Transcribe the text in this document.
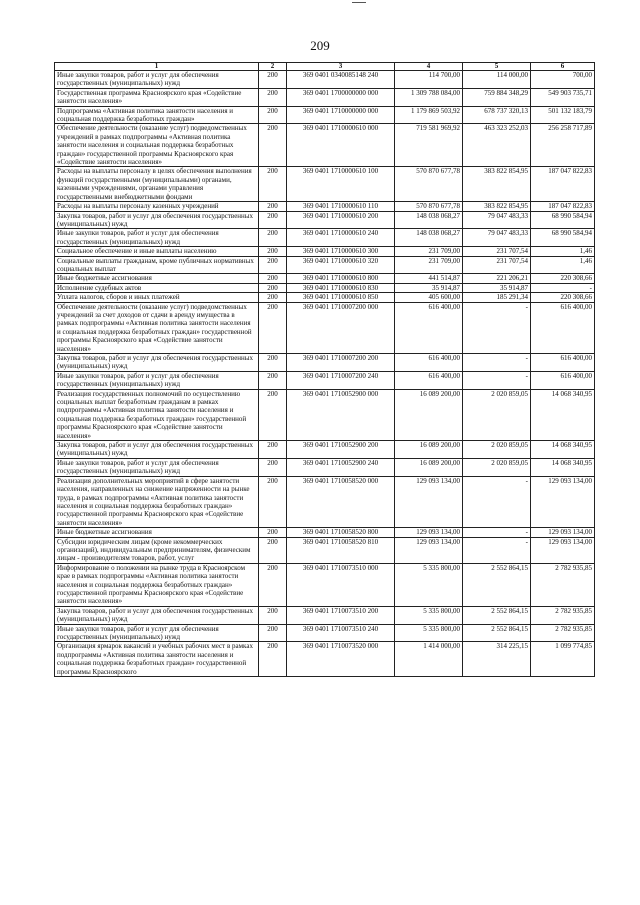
209
1	2	3	4	5	6
Иные закупки товаров, работ и услуг для обеспечения государственных (муниципальных) нужд	200	369 0401 0340085148 240	114 700,00	114 000,00	700,00
Государственная программа Красноярского края «Содействие занятости населения»	200	369 0401 1700000000 000	1 309 788 084,00	759 884 348,29	549 903 735,71
Подпрограмма «Активная политика занятости населения и социальная поддержка безработных граждан»	200	369 0401 1710000000 000	1 179 869 503,92	678 737 320,13	501 132 183,79
Обеспечение деятельности (оказание услуг) подведомственных учреждений в рамках подпрограммы «Активная политика занятости населения и социальная поддержка безработных граждан» государственной программы Красноярского края «Содействие занятости населения»	200	369 0401 1710000610 000	719 581 969,92	463 323 252,03	256 258 717,89
Расходы на выплаты персоналу в целях обеспечения выполнения функций государственными (муниципальными) органами, казенными учреждениями, органами управления государственными внебюджетными фондами	200	369 0401 1710000610 100	570 870 677,78	383 822 854,95	187 047 822,83
Расходы на выплаты персоналу казенных учреждений	200	369 0401 1710000610 110	570 870 677,78	383 822 854,95	187 047 822,83
Закупка товаров, работ и услуг для обеспечения государственных (муниципальных) нужд	200	369 0401 1710000610 200	148 038 068,27	79 047 483,33	68 990 584,94
Иные закупки товаров, работ и услуг для обеспечения государственных (муниципальных) нужд	200	369 0401 1710000610 240	148 038 068,27	79 047 483,33	68 990 584,94
Социальное обеспечение и иные выплаты населению	200	369 0401 1710000610 300	231 709,00	231 707,54	1,46
Социальные выплаты гражданам, кроме публичных нормативных социальных выплат	200	369 0401 1710000610 320	231 709,00	231 707,54	1,46
Иные бюджетные ассигнования	200	369 0401 1710000610 800	441 514,87	221 206,21	220 308,66
Исполнение судебных актов	200	369 0401 1710000610 830	35 914,87	35 914,87	-
Уплата налогов, сборов и иных платежей	200	369 0401 1710000610 850	405 600,00	185 291,34	220 308,66
Обеспечение деятельности (оказание услуг) подведомственных учреждений за счет доходов от сдачи в аренду имущества в рамках подпрограммы «Активная политика занятости населения и социальная поддержка безработных граждан» государственной программы Красноярского края «Содействие занятости населения»	200	369 0401 1710007200 000	616 400,00	-	616 400,00
Закупка товаров, работ и услуг для обеспечения государственных (муниципальных) нужд	200	369 0401 1710007200 200	616 400,00	-	616 400,00
Иные закупки товаров, работ и услуг для обеспечения государственных (муниципальных) нужд	200	369 0401 1710007200 240	616 400,00	-	616 400,00
Реализация государственных полномочий по осуществлению социальных выплат безработным гражданам в рамках подпрограммы «Активная политика занятости населения и социальная поддержка безработных граждан» государственной программы Красноярского края «Содействие занятости населения»	200	369 0401 1710052900 000	16 089 200,00	2 020 859,05	14 068 340,95
Закупка товаров, работ и услуг для обеспечения государственных (муниципальных) нужд	200	369 0401 1710052900 200	16 089 200,00	2 020 859,05	14 068 340,95
Иные закупки товаров, работ и услуг для обеспечения государственных (муниципальных) нужд	200	369 0401 1710052900 240	16 089 200,00	2 020 859,05	14 068 340,95
Реализация дополнительных мероприятий в сфере занятости населения, направленных на снижение напряженности на рынке труда, в рамках подпрограммы «Активная политика занятости населения и социальная поддержка безработных граждан» государственной программы Красноярского края «Содействие занятости населения»	200	369 0401 1710058520 000	129 093 134,00	-	129 093 134,00
Иные бюджетные ассигнования	200	369 0401 1710058520 800	129 093 134,00	-	129 093 134,00
Субсидии юридическим лицам (кроме некоммерческих организаций), индивидуальным предпринимателям, физическим лицам - производителям товаров, работ, услуг	200	369 0401 1710058520 810	129 093 134,00	-	129 093 134,00
Информирование о положении на рынке труда в Красноярском крае в рамках подпрограммы «Активная политика занятости населения и социальная поддержка безработных граждан» государственной программы Красноярского края «Содействие занятости населения»	200	369 0401 1710073510 000	5 335 800,00	2 552 864,15	2 782 935,85
Закупка товаров, работ и услуг для обеспечения государственных (муниципальных) нужд	200	369 0401 1710073510 200	5 335 800,00	2 552 864,15	2 782 935,85
Иные закупки товаров, работ и услуг для обеспечения государственных (муниципальных) нужд	200	369 0401 1710073510 240	5 335 800,00	2 552 864,15	2 782 935,85
Организация ярмарок вакансий и учебных рабочих мест в рамках подпрограммы «Активная политика занятости населения и социальная поддержка безработных граждан» государственной программы Красноярского	200	369 0401 1710073520 000	1 414 000,00	314 225,15	1 099 774,85
